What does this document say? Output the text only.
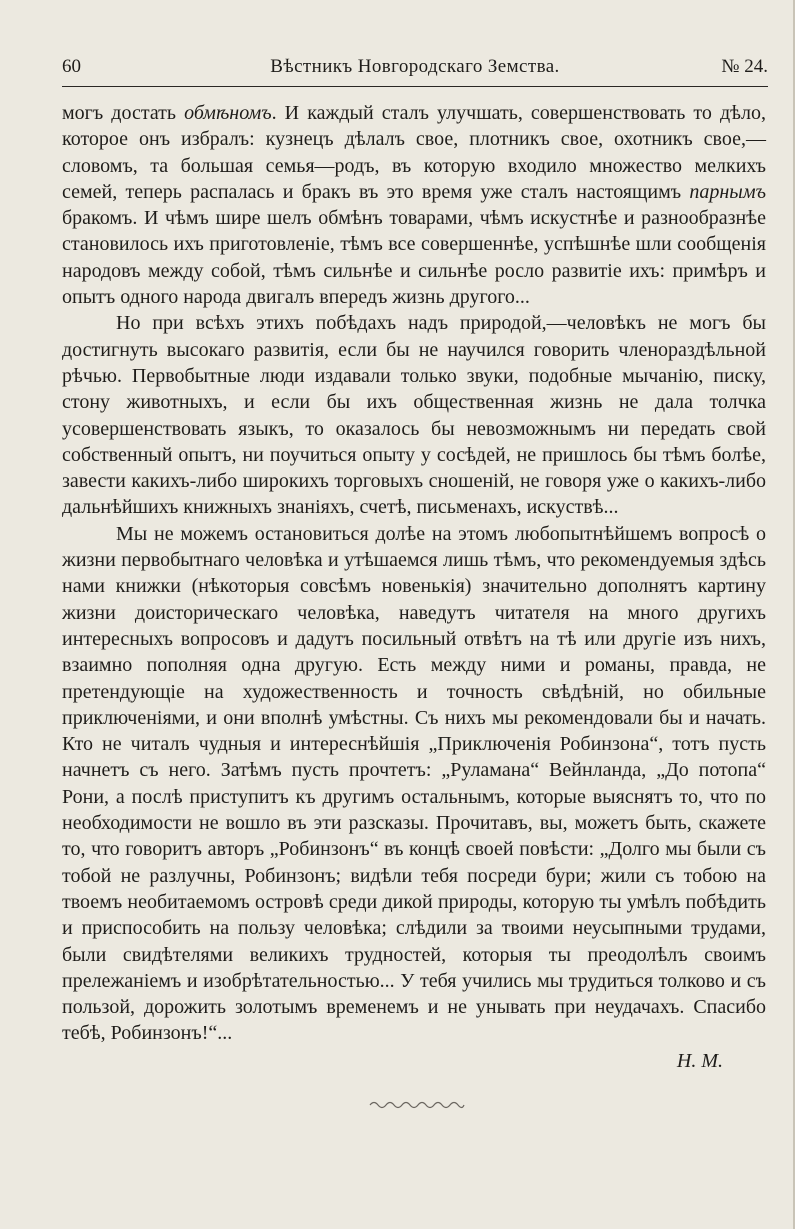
60	Вѣстникъ Новгородскаго Земства.	№ 24.

могъ достать обмѣномъ. И каждый сталъ улучшать, совершенствовать то дѣло, которое онъ избралъ: кузнецъ дѣлалъ свое, плотникъ свое, охотникъ свое,—словомъ, та большая семья—родъ, въ которую входило множество мелкихъ семей, теперь распалась и бракъ въ это время уже сталъ настоящимъ парнымъ бракомъ. И чѣмъ шире шелъ обмѣнъ товарами, чѣмъ искустнѣе и разнообразнѣе становилось ихъ приготовленіе, тѣмъ все совершеннѣе, успѣшнѣе шли сообщенія народовъ между собой, тѣмъ сильнѣе и сильнѣе росло развитіе ихъ: примѣръ и опытъ одного народа двигалъ впередъ жизнь другого...

Но при всѣхъ этихъ побѣдахъ надъ природой,—человѣкъ не могъ бы достигнуть высокаго развитія, если бы не научился говорить членораздѣльной рѣчью. Первобытные люди издавали только звуки, подобные мычанію, писку, стону животныхъ, и если бы ихъ общественная жизнь не дала толчка усовершенствовать языкъ, то оказалось бы невозможнымъ ни передать свой собственный опытъ, ни поучиться опыту у сосѣдей, не пришлось бы тѣмъ болѣе, завести какихъ-либо широкихъ торговыхъ сношеній, не говоря уже о какихъ-либо дальнѣйшихъ книжныхъ знаніяхъ, счетѣ, письменахъ, искуствѣ...

Мы не можемъ остановиться долѣе на этомъ любопытнѣйшемъ вопросѣ о жизни первобытнаго человѣка и утѣшаемся лишь тѣмъ, что рекомендуемыя здѣсь нами книжки (нѣкоторыя совсѣмъ новенькія) значительно дополнятъ картину жизни доисторическаго человѣка, наведутъ читателя на много другихъ интересныхъ вопросовъ и дадутъ посильный отвѣтъ на тѣ или другіе изъ нихъ, взаимно пополняя одна другую. Есть между ними и романы, правда, не претендующіе на художественность и точность свѣдѣній, но обильные приключеніями, и они вполнѣ умѣстны. Съ нихъ мы рекомендовали бы и начать. Кто не читалъ чудныя и интереснѣйшія „Приключенія Робинзона“, тотъ пусть начнетъ съ него. Затѣмъ пусть прочтетъ: „Руламана“ Вейнланда, „До потопа“ Рони, а послѣ приступитъ къ другимъ остальнымъ, которые выяснятъ то, что по необходимости не вошло въ эти разсказы. Прочитавъ, вы, можетъ быть, скажете то, что говоритъ авторъ „Робинзонъ“ въ концѣ своей повѣсти: „Долго мы были съ тобой не разлучны, Робинзонъ; видѣли тебя посреди бури; жили съ тобою на твоемъ необитаемомъ островѣ среди дикой природы, которую ты умѣлъ побѣдить и приспособить на пользу человѣка; слѣдили за твоими неусыпными трудами, были свидѣтелями великихъ трудностей, которыя ты преодолѣлъ своимъ прележаніемъ и изобрѣтательностью... У тебя учились мы трудиться толково и съ пользой, дорожить золотымъ временемъ и не унывать при неудачахъ. Спасибо тебѣ, Робинзонъ!“...

Н. М.
